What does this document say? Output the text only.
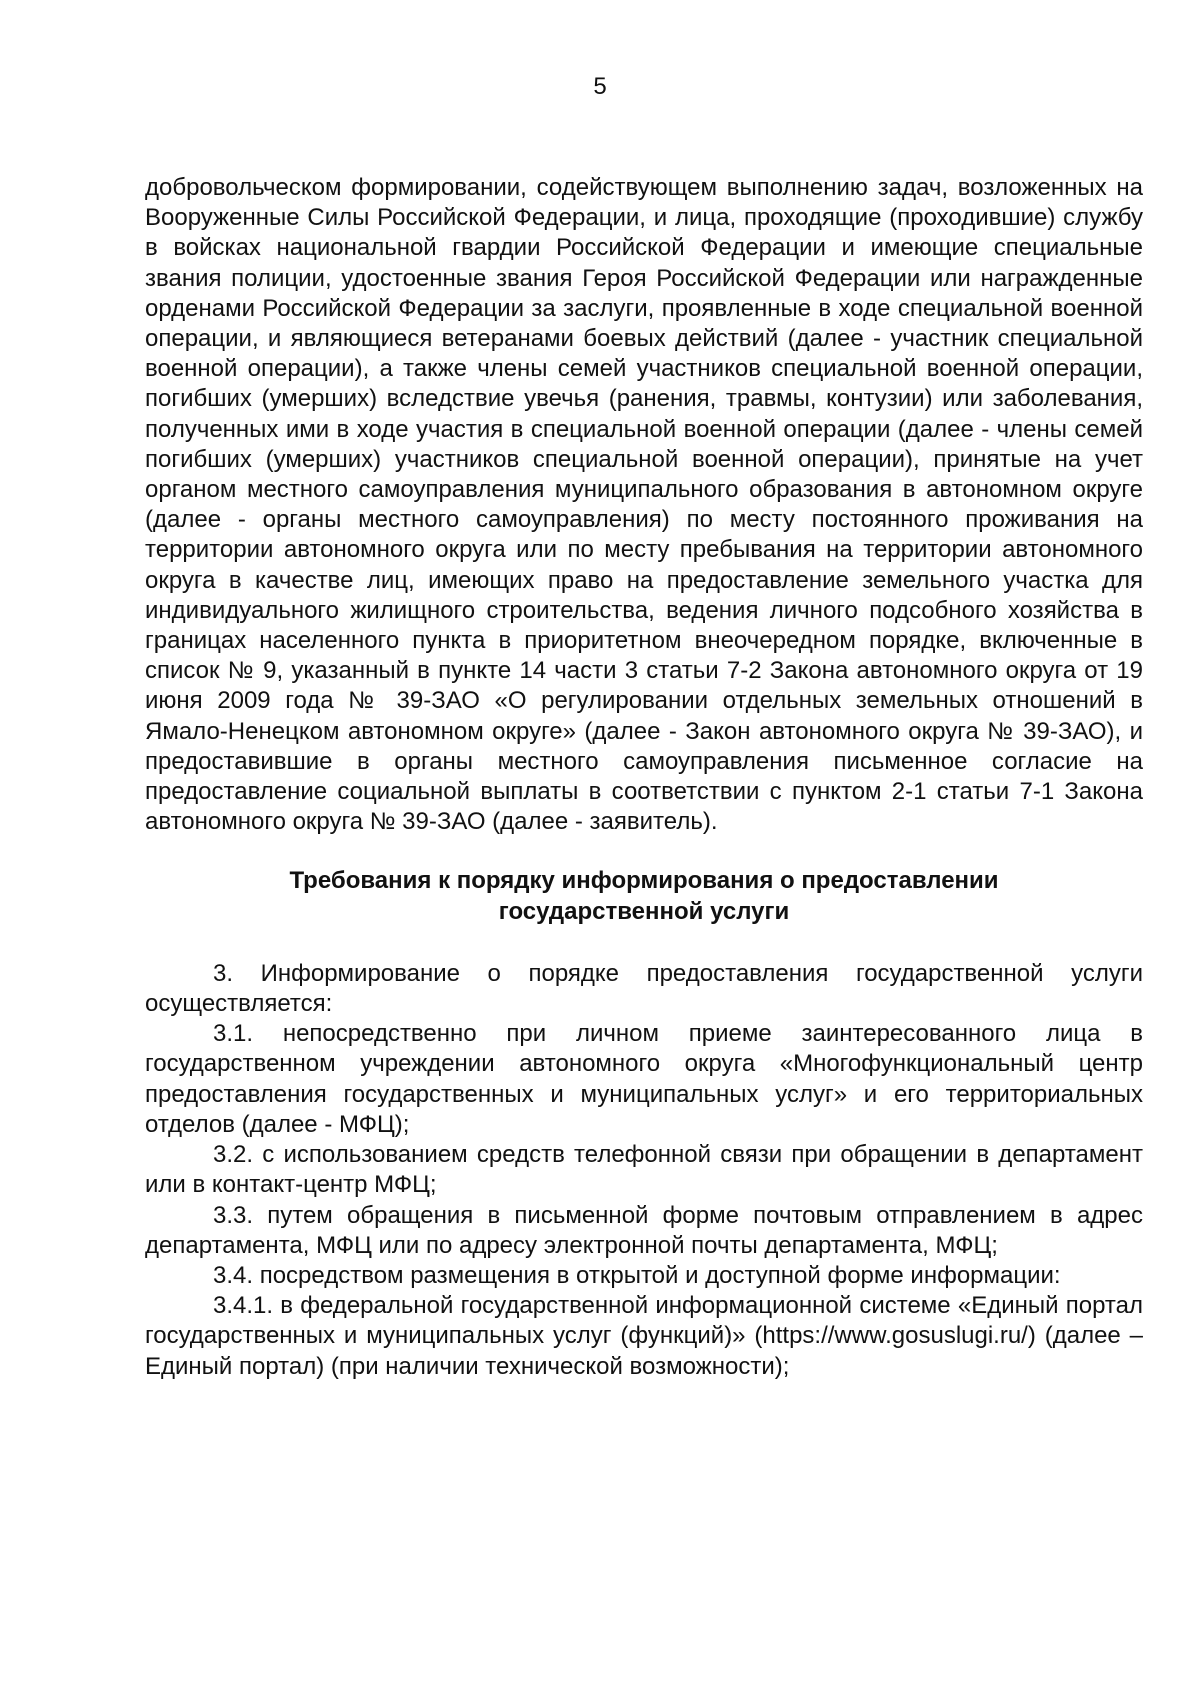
5

добровольческом формировании, содействующем выполнению задач, возложенных на Вооруженные Силы Российской Федерации, и лица, проходящие (проходившие) службу в войсках национальной гвардии Российской Федерации и имеющие специальные звания полиции, удостоенные звания Героя Российской Федерации или награжденные орденами Российской Федерации за заслуги, проявленные в ходе специальной военной операции, и являющиеся ветеранами боевых действий (далее - участник специальной военной операции), а также члены семей участников специальной военной операции, погибших (умерших) вследствие увечья (ранения, травмы, контузии) или заболевания, полученных ими в ходе участия в специальной военной операции (далее - члены семей погибших (умерших) участников специальной военной операции), принятые на учет органом местного самоуправления муниципального образования в автономном округе (далее - органы местного самоуправления) по месту постоянного проживания на территории автономного округа или по месту пребывания на территории автономного округа в качестве лиц, имеющих право на предоставление земельного участка для индивидуального жилищного строительства, ведения личного подсобного хозяйства в границах населенного пункта в приоритетном внеочередном порядке, включенные в список № 9, указанный в пункте 14 части 3 статьи 7-2 Закона автономного округа от 19 июня 2009 года № 39-ЗАО «О регулировании отдельных земельных отношений в Ямало-Ненецком автономном округе» (далее - Закон автономного округа № 39-ЗАО), и предоставившие в органы местного самоуправления письменное согласие на предоставление социальной выплаты в соответствии с пунктом 2-1 статьи 7-1 Закона автономного округа № 39-ЗАО (далее - заявитель).

Требования к порядку информирования о предоставлении

государственной услуги

3. Информирование о порядке предоставления государственной услуги осуществляется:

3.1. непосредственно при личном приеме заинтересованного лица в государственном учреждении автономного округа «Многофункциональный центр предоставления государственных и муниципальных услуг» и его территориальных отделов (далее - МФЦ);

3.2. с использованием средств телефонной связи при обращении в департамент или в контакт-центр МФЦ;

3.3. путем обращения в письменной форме почтовым отправлением в адрес департамента, МФЦ или по адресу электронной почты департамента, МФЦ;

3.4. посредством размещения в открытой и доступной форме информации:

3.4.1. в федеральной государственной информационной системе «Единый портал государственных и муниципальных услуг (функций)» (https://www.gosuslugi.ru/) (далее – Единый портал) (при наличии технической возможности);
